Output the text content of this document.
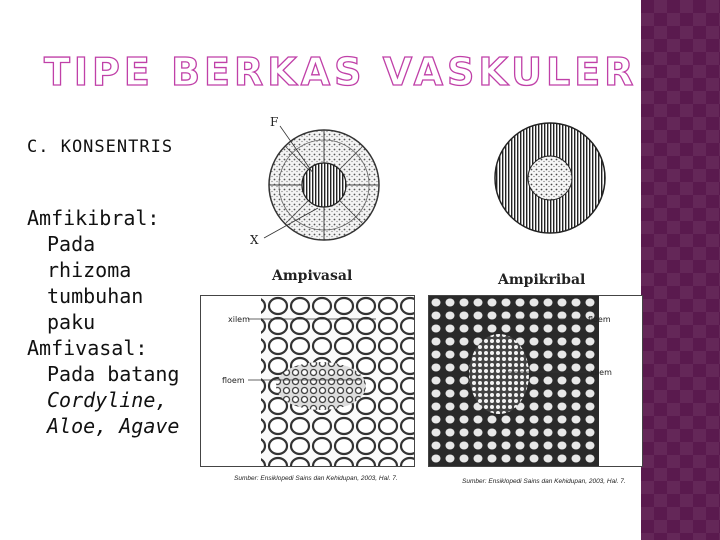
TIPE BERKAS VASKULER
C. KONSENTRIS

Amfikibral:

Pada

rhizoma

tumbuhan

paku

Amfivasal:

Pada batang

Cordyline,

Aloe, Agave

F
X
Ampivasal	Ampikribal
xilem
floem
Sumber: Ensiklopedi Sains dan Kehidupan, 2003, Hal. 7.
floem
xilem
Sumber: Ensiklopedi Sains dan Kehidupan, 2003, Hal. 7.
